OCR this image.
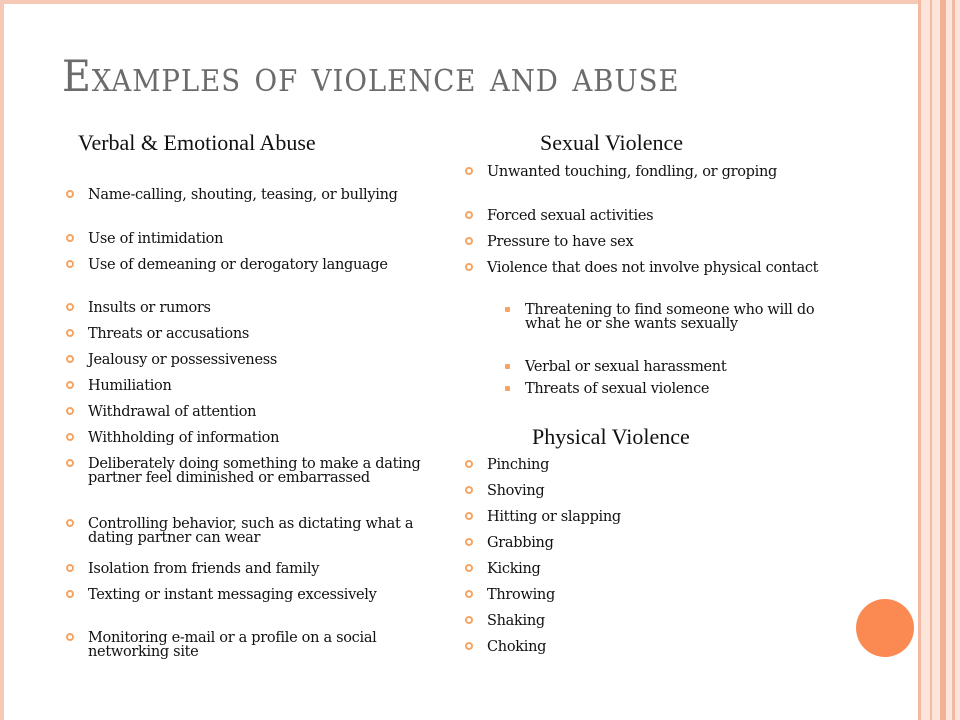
Examples of violence and abuse
Verbal & Emotional Abuse
Name-calling, shouting, teasing, or bullying
Use of intimidation
Use of demeaning or derogatory language
Insults or rumors
Threats or accusations
Jealousy or possessiveness
Humiliation
Withdrawal of attention
Withholding of information
Deliberately doing something to make a dating partner feel diminished or embarrassed
Controlling behavior, such as dictating what a dating partner can wear
Isolation from friends and family
Texting or instant messaging excessively
Monitoring e-mail or a profile on a social networking site
Sexual Violence
Unwanted touching, fondling, or groping
Forced sexual activities
Pressure to have sex
Violence that does not involve physical contact
Threatening to find someone who will do what he or she wants sexually
Verbal or sexual harassment
Threats of sexual violence
Physical Violence
Pinching
Shoving
Hitting or slapping
Grabbing
Kicking
Throwing
Shaking
Choking
